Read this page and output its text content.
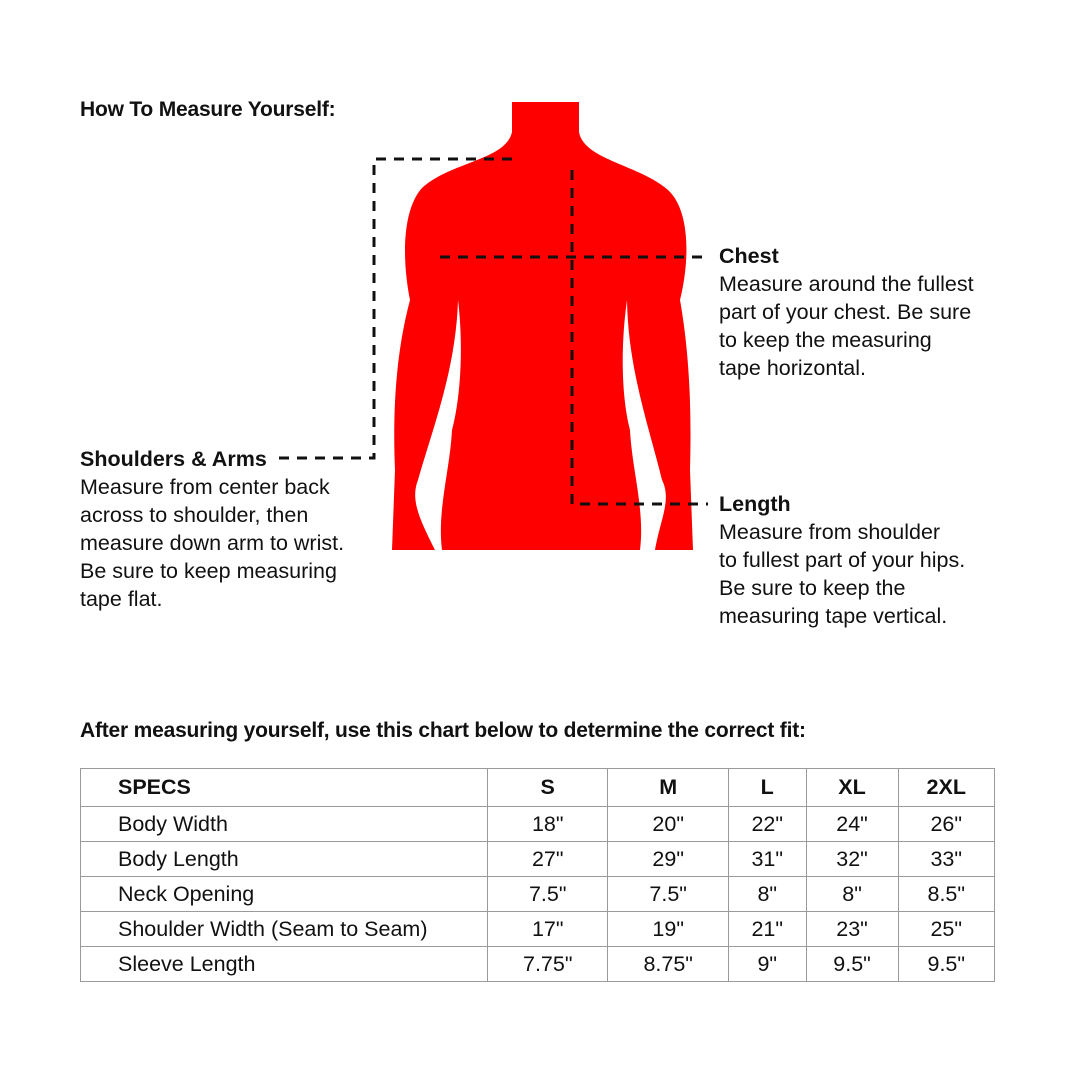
How To Measure Yourself:
Shoulders & Arms
Measure from center back
across to shoulder, then
measure down arm to wrist.
Be sure to keep measuring
tape flat.
Chest
Measure around the fullest
part of your chest. Be sure
to keep the measuring
tape horizontal.
Length
Measure from shoulder
to fullest part of your hips.
Be sure to keep the
measuring tape vertical.
After measuring yourself, use this chart below to determine the correct fit:
SPECS	S	M	L	XL	2XL
Body Width	18"	20"	22"	24"	26"
Body Length	27"	29"	31"	32"	33"
Neck Opening	7.5"	7.5"	8"	8"	8.5"
Shoulder Width (Seam to Seam)	17"	19"	21"	23"	25"
Sleeve Length	7.75"	8.75"	9"	9.5"	9.5"
